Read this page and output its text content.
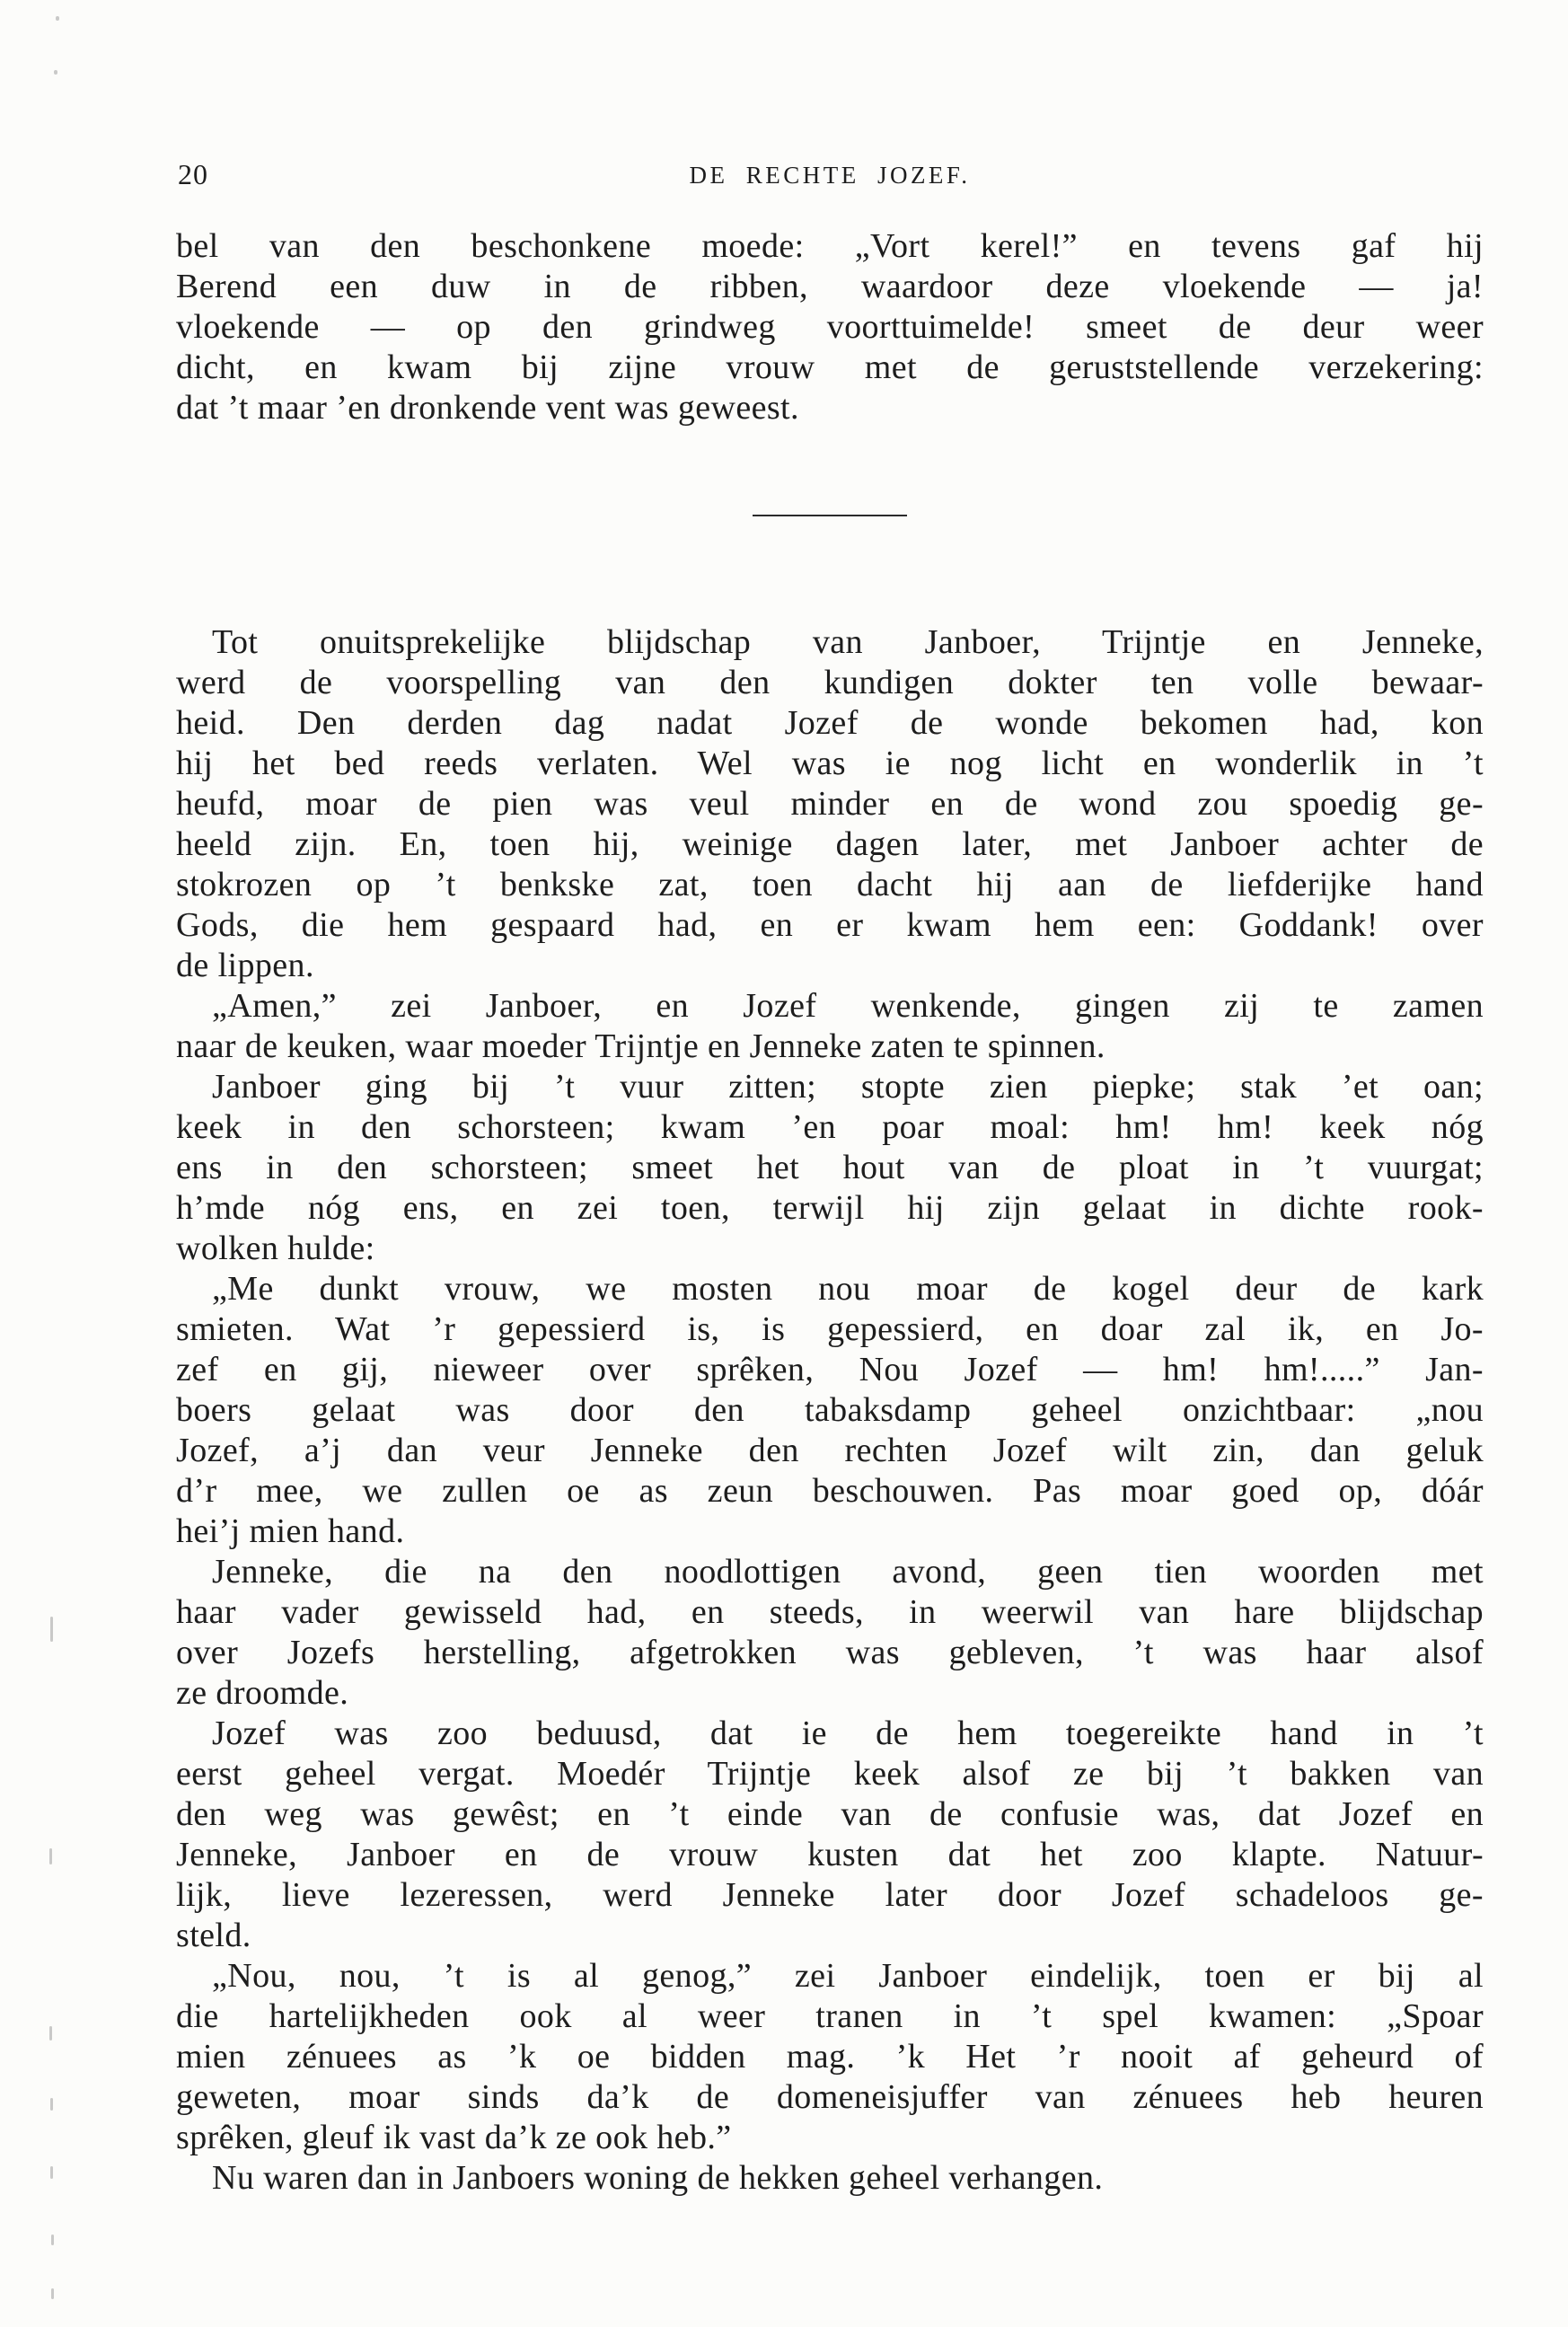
20	DE RECHTE JOZEF.
bel van den beschonkene moede: „Vort kerel!” en tevens gaf hij
Berend een duw in de ribben, waardoor deze vloekende — ja!
vloekende — op den grindweg voorttuimelde! smeet de deur weer
dicht, en kwam bij zijne vrouw met de geruststellende verzekering:
dat ’t maar ’en dronkende vent was geweest.
Tot onuitsprekelijke blijdschap van Janboer, Trijntje en Jenneke,
werd de voorspelling van den kundigen dokter ten volle bewaar-
heid. Den derden dag nadat Jozef de wonde bekomen had, kon
hij het bed reeds verlaten. Wel was ie nog licht en wonderlik in ’t
heufd, moar de pien was veul minder en de wond zou spoedig ge-
heeld zijn. En, toen hij, weinige dagen later, met Janboer achter de
stokrozen op ’t benkske zat, toen dacht hij aan de liefderijke hand
Gods, die hem gespaard had, en er kwam hem een: Goddank! over
de lippen.
„Amen,” zei Janboer, en Jozef wenkende, gingen zij te zamen
naar de keuken, waar moeder Trijntje en Jenneke zaten te spinnen.
Janboer ging bij ’t vuur zitten; stopte zien piepke; stak ’et oan;
keek in den schorsteen; kwam ’en poar moal: hm! hm! keek nóg
ens in den schorsteen; smeet het hout van de ploat in ’t vuurgat;
h’mde nóg ens, en zei toen, terwijl hij zijn gelaat in dichte rook-
wolken hulde:
„Me dunkt vrouw, we mosten nou moar de kogel deur de kark
smieten. Wat ’r gepessierd is, is gepessierd, en doar zal ik, en Jo-
zef en gij, nieweer over sprêken, Nou Jozef — hm! hm!.....” Jan-
boers gelaat was door den tabaksdamp geheel onzichtbaar: „nou
Jozef, a’j dan veur Jenneke den rechten Jozef wilt zin, dan geluk
d’r mee, we zullen oe as zeun beschouwen. Pas moar goed op, dóár
hei’j mien hand.
Jenneke, die na den noodlottigen avond, geen tien woorden met
haar vader gewisseld had, en steeds, in weerwil van hare blijdschap
over Jozefs herstelling, afgetrokken was gebleven, ’t was haar alsof
ze droomde.
Jozef was zoo beduusd, dat ie de hem toegereikte hand in ’t
eerst geheel vergat. Moedér Trijntje keek alsof ze bij ’t bakken van
den weg was gewêst; en ’t einde van de confusie was, dat Jozef en
Jenneke, Janboer en de vrouw kusten dat het zoo klapte. Natuur-
lijk, lieve lezeressen, werd Jenneke later door Jozef schadeloos ge-
steld.
„Nou, nou, ’t is al genog,” zei Janboer eindelijk, toen er bij al
die hartelijkheden ook al weer tranen in ’t spel kwamen: „Spoar
mien zénuees as ’k oe bidden mag. ’k Het ’r nooit af geheurd of
geweten, moar sinds da’k de domeneisjuffer van zénuees heb heuren
sprêken, gleuf ik vast da’k ze ook heb.”
Nu waren dan in Janboers woning de hekken geheel verhangen.
